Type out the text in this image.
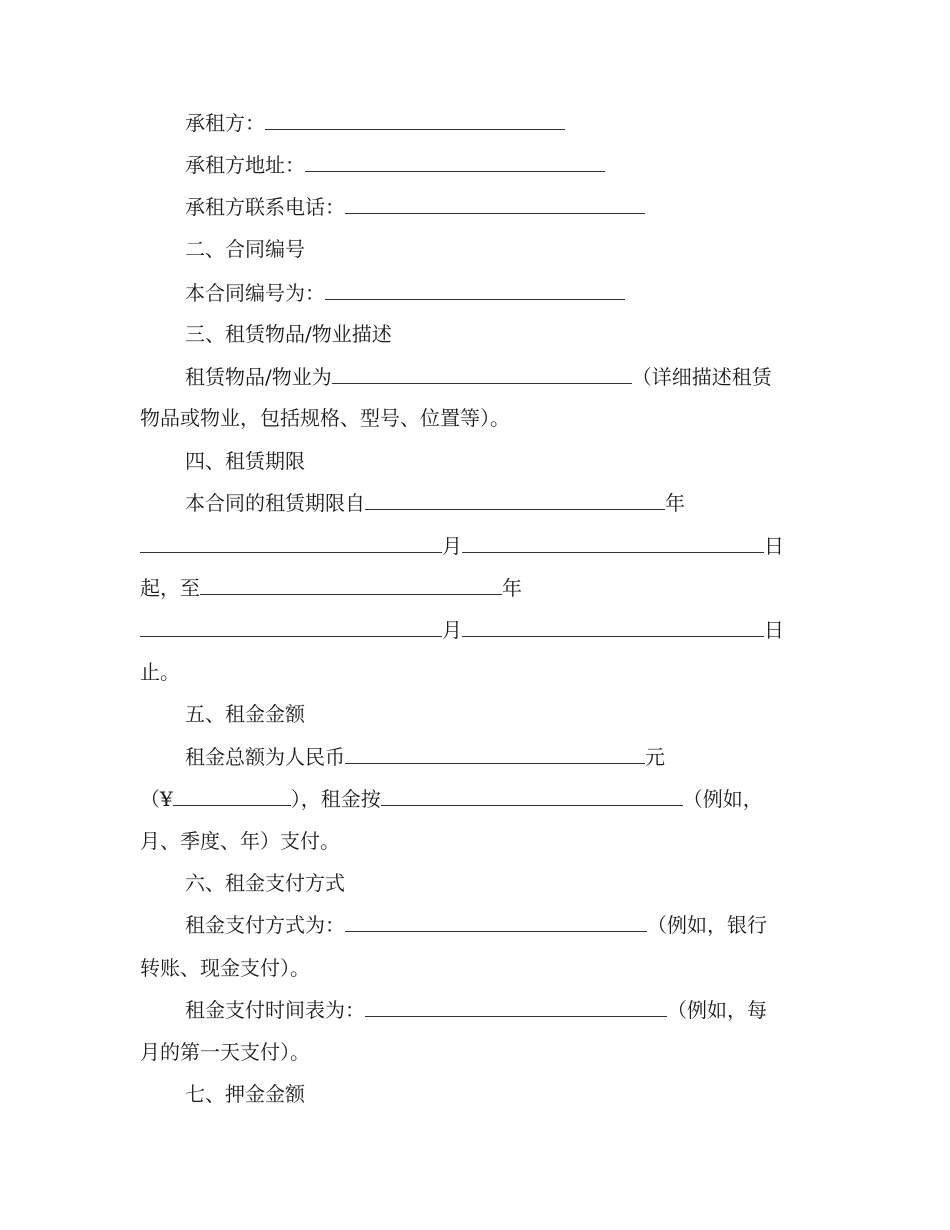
承租方：
承租方地址：
承租方联系电话：
二、合同编号
本合同编号为：
三、租赁物品/物业描述
租赁物品/物业为	（详细描述租赁
物品或物业，包括规格、型号、位置等）。
四、租赁期限
本合同的租赁期限自	年
月	日
起，至	年
月	日
止。
五、租金金额
租金总额为人民币	元
（¥	），租金按	（例如，
月、季度、年）支付。
六、租金支付方式
租金支付方式为：	（例如，银行
转账、现金支付）。
租金支付时间表为：	（例如，每
月的第一天支付）。
七、押金金额
